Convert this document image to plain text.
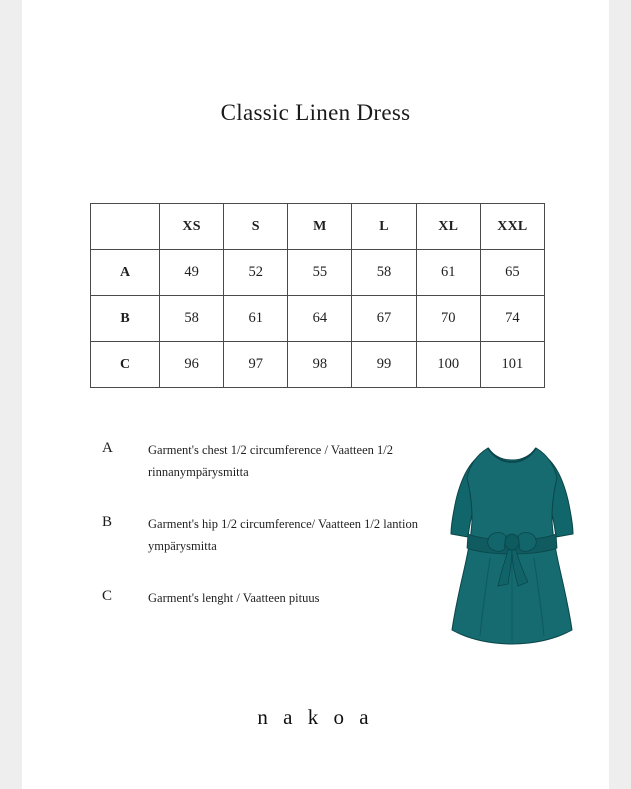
Classic Linen Dress
	XS	S	M	L	XL	XXL
A	49	52	55	58	61	65
B	58	61	64	67	70	74
C	96	97	98	99	100	101
A	Garment's chest 1/2 circumference / Vaatteen 1/2 rinnanympärysmitta
B	Garment's hip 1/2 circumference/ Vaatteen 1/2 lantion ympärysmitta
C	Garment's lenght / Vaatteen pituus
n a k o a
